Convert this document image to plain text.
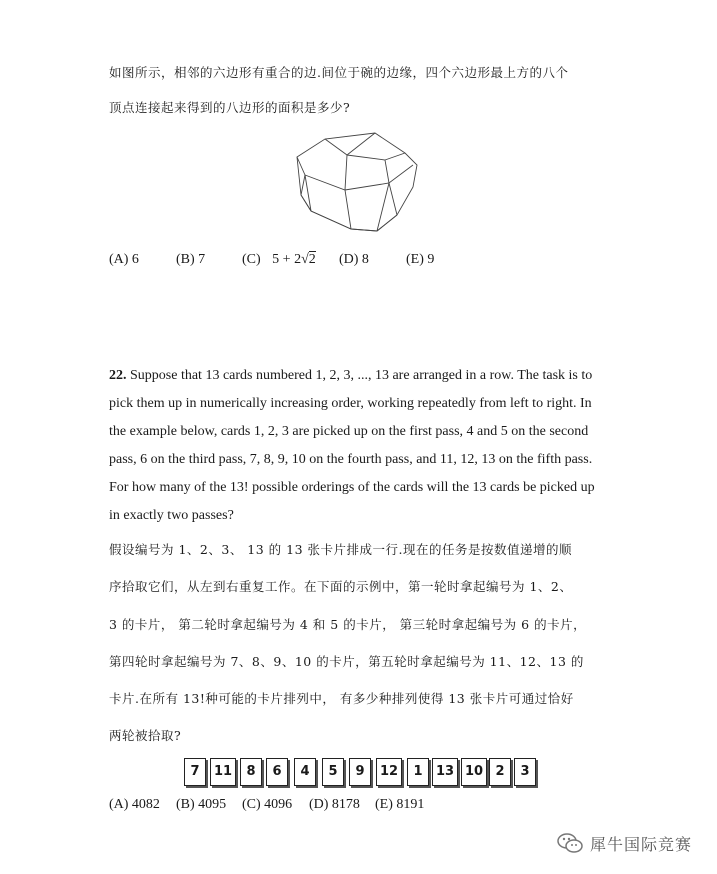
如图所示，相邻的六边形有重合的边.间位于碗的边缘，四个六边形最上方的八个
顶点连接起来得到的八边形的面积是多少?
(A) 6	(B) 7	(C) 5 + 2√2 (D) 8	(E) 9
22. Suppose that 13 cards numbered 1, 2, 3, ..., 13 are arranged in a row. The task is to
pick them up in numerically increasing order, working repeatedly from left to right. In
the example below, cards 1, 2, 3 are picked up on the first pass, 4 and 5 on the second
pass, 6 on the third pass, 7, 8, 9, 10 on the fourth pass, and 11, 12, 13 on the fifth pass.
For how many of the 13! possible orderings of the cards will the 13 cards be picked up
in exactly two passes?
假设编号为 1、2、3、 13 的 13 张卡片排成一行.现在的任务是按数值递增的顺
序拾取它们，从左到右重复工作。在下面的示例中，第一轮时拿起编号为 1、2、
3 的卡片， 第二轮时拿起编号为 4 和 5 的卡片， 第三轮时拿起编号为 6 的卡片，
第四轮时拿起编号为 7、8、9、10 的卡片，第五轮时拿起编号为 11、12、13 的
卡片.在所有 13!种可能的卡片排列中， 有多少种排列使得 13 张卡片可通过恰好
两轮被拾取?
7	11	8	6	4	5	9	12	1	13 10 2	3
(A) 4082 (B) 4095 (C) 4096 (D) 8178 (E) 8191
犀牛国际竞赛
